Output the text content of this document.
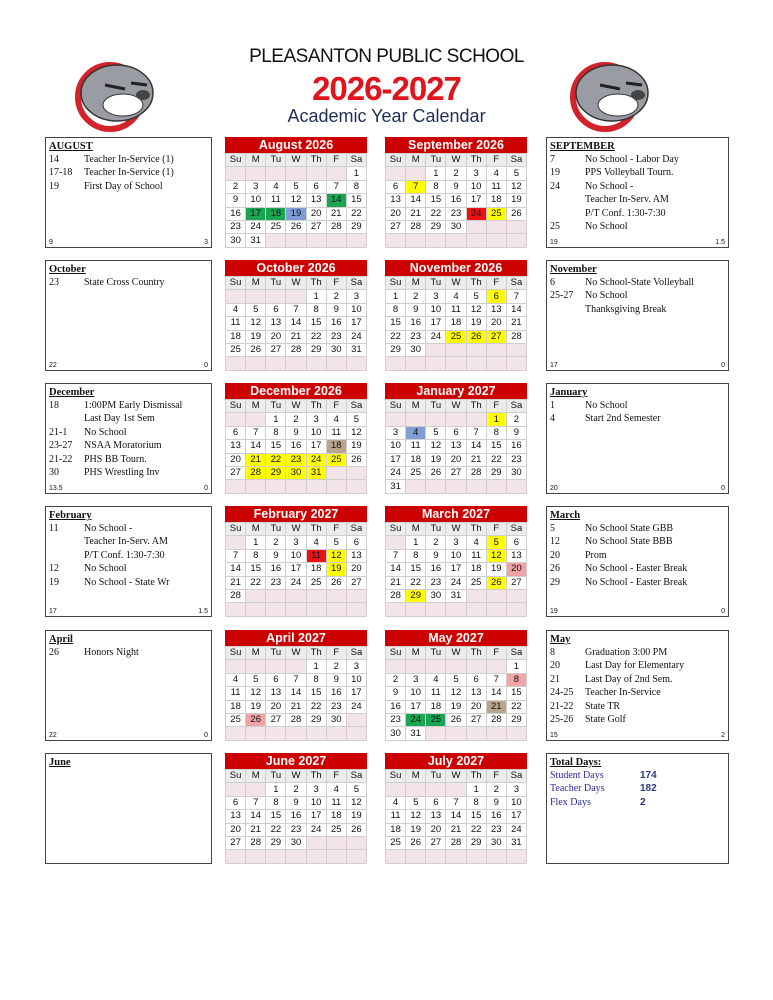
PLEASANTON PUBLIC SCHOOL
2026-2027
Academic Year Calendar
AUGUST
14	Teacher In-Service (1)
17-18	Teacher In-Service (1)
19	First Day of School
9	3
August 2026
Su	M	Tu	W	Th	F	Sa
						1
2	3	4	5	6	7	8
9	10	11	12	13	14	15
16	17	18	19	20	21	22
23	24	25	26	27	28	29
30	31					
September 2026
Su	M	Tu	W	Th	F	Sa
		1	2	3	4	5
6	7	8	9	10	11	12
13	14	15	16	17	18	19
20	21	22	23	24	25	26
27	28	29	30			

SEPTEMBER
7	No School - Labor Day
19	PPS Volleyball Tourn.
24	No School -
Teacher In-Serv. AM
P/T Conf. 1:30-7:30
25	No School
19	1.5
October
23	State Cross Country
22	0
October 2026
Su	M	Tu	W	Th	F	Sa
				1	2	3
4	5	6	7	8	9	10
11	12	13	14	15	16	17
18	19	20	21	22	23	24
25	26	27	28	29	30	31

November 2026
Su	M	Tu	W	Th	F	Sa
1	2	3	4	5	6	7
8	9	10	11	12	13	14
15	16	17	18	19	20	21
22	23	24	25	26	27	28
29	30					

November
6	No School-State Volleyball
25-27	No School
Thanksgiving Break
17	0
December
18	1:00PM Early Dismissal
Last Day 1st Sem
21-1	No School
23-27	NSAA Moratorium
21-22	PHS BB Tourn.
30	PHS Wrestling Inv
13.5	0
December 2026
Su	M	Tu	W	Th	F	Sa
		1	2	3	4	5
6	7	8	9	10	11	12
13	14	15	16	17	18	19
20	21	22	23	24	25	26
27	28	29	30	31		

January 2027
Su	M	Tu	W	Th	F	Sa
					1	2
3	4	5	6	7	8	9
10	11	12	13	14	15	16
17	18	19	20	21	22	23
24	25	26	27	28	29	30
31						
January
1	No School
4	Start 2nd Semester
20	0
February
11	No School -
Teacher In-Serv. AM
P/T Conf. 1:30-7:30
12	No School
19	No School - State Wr
17	1.5
February 2027
Su	M	Tu	W	Th	F	Sa
	1	2	3	4	5	6
7	8	9	10	11	12	13
14	15	16	17	18	19	20
21	22	23	24	25	26	27
28						

March 2027
Su	M	Tu	W	Th	F	Sa
	1	2	3	4	5	6
7	8	9	10	11	12	13
14	15	16	17	18	19	20
21	22	23	24	25	26	27
28	29	30	31			

March
5	No School State GBB
12	No School State BBB
20	Prom
26	No School - Easter Break
29	No School - Easter Break
19	0
April
26	Honors Night
22	0
April 2027
Su	M	Tu	W	Th	F	Sa
				1	2	3
4	5	6	7	8	9	10
11	12	13	14	15	16	17
18	19	20	21	22	23	24
25	26	27	28	29	30	

May 2027
Su	M	Tu	W	Th	F	Sa
						1
2	3	4	5	6	7	8
9	10	11	12	13	14	15
16	17	18	19	20	21	22
23	24	25	26	27	28	29
30	31					
May
8	Graduation 3:00 PM
20	Last Day for Elementary
21	Last Day of 2nd Sem.
24-25	Teacher In-Service
21-22	State TR
25-26	State Golf
15	2
June	June 2027
Su	M	Tu	W	Th	F	Sa
		1	2	3	4	5
6	7	8	9	10	11	12
13	14	15	16	17	18	19
20	21	22	23	24	25	26
27	28	29	30			

July 2027
Su	M	Tu	W	Th	F	Sa
				1	2	3
4	5	6	7	8	9	10
11	12	13	14	15	16	17
18	19	20	21	22	23	24
25	26	27	28	29	30	31

Total Days:
Student Days	174
Teacher Days	182
Flex Days	2
